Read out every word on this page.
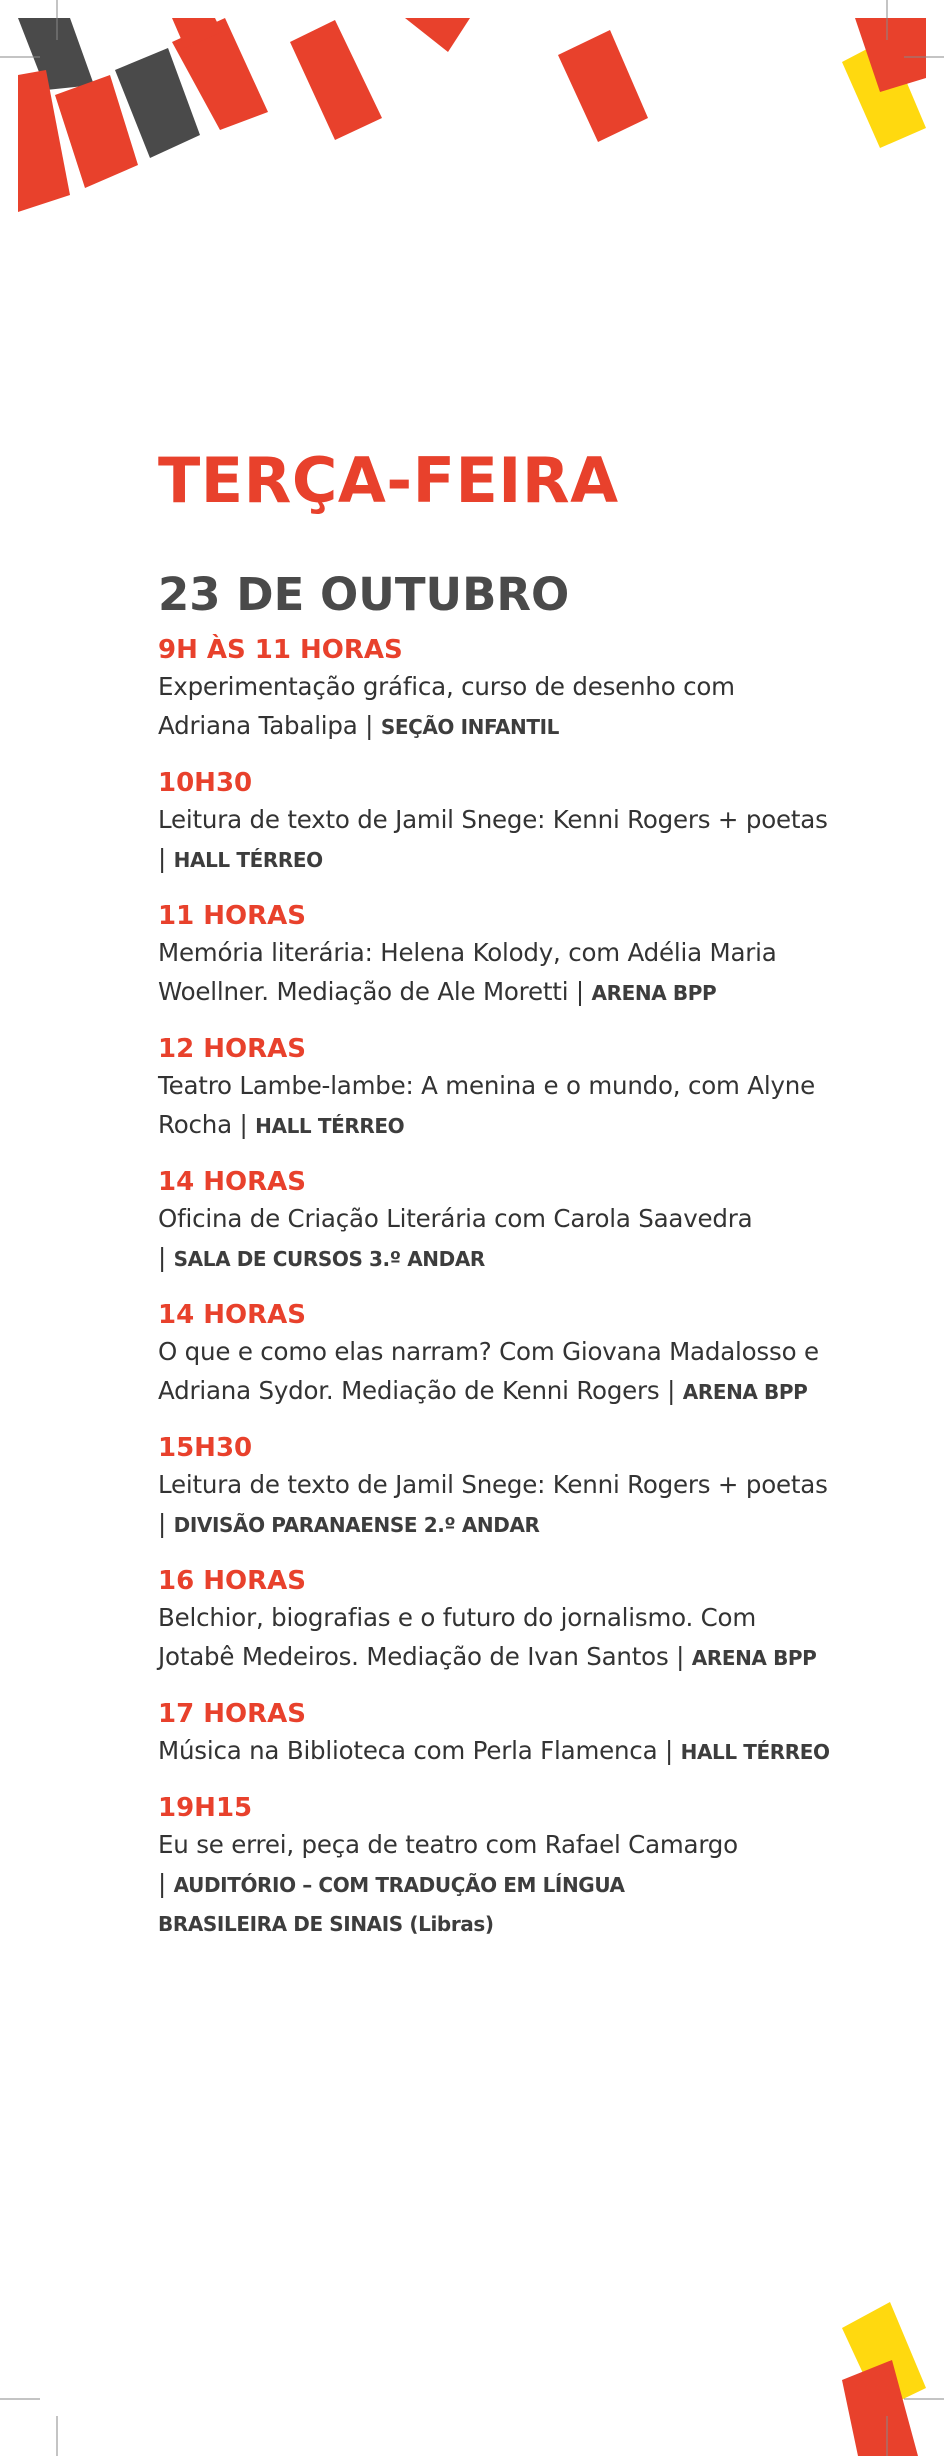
TERÇA-FEIRA
23 DE OUTUBRO
9H ÀS 11 HORAS
Experimentação gráfica, curso de desenho com
Adriana Tabalipa | SEÇÃO INFANTIL
10H30
Leitura de texto de Jamil Snege: Kenni Rogers + poetas
| HALL TÉRREO
11 HORAS
Memória literária: Helena Kolody, com Adélia Maria
Woellner. Mediação de Ale Moretti | ARENA BPP
12 HORAS
Teatro Lambe-lambe: A menina e o mundo, com Alyne
Rocha | HALL TÉRREO
14 HORAS
Oficina de Criação Literária com Carola Saavedra
| SALA DE CURSOS 3.º ANDAR
14 HORAS
O que e como elas narram? Com Giovana Madalosso e
Adriana Sydor. Mediação de Kenni Rogers | ARENA BPP
15H30
Leitura de texto de Jamil Snege: Kenni Rogers + poetas
| DIVISÃO PARANAENSE 2.º ANDAR
16 HORAS
Belchior, biografias e o futuro do jornalismo. Com
Jotabê Medeiros. Mediação de Ivan Santos | ARENA BPP
17 HORAS
Música na Biblioteca com Perla Flamenca | HALL TÉRREO
19H15
Eu se errei, peça de teatro com Rafael Camargo
| AUDITÓRIO – COM TRADUÇÃO EM LÍNGUA
BRASILEIRA DE SINAIS (Libras)
